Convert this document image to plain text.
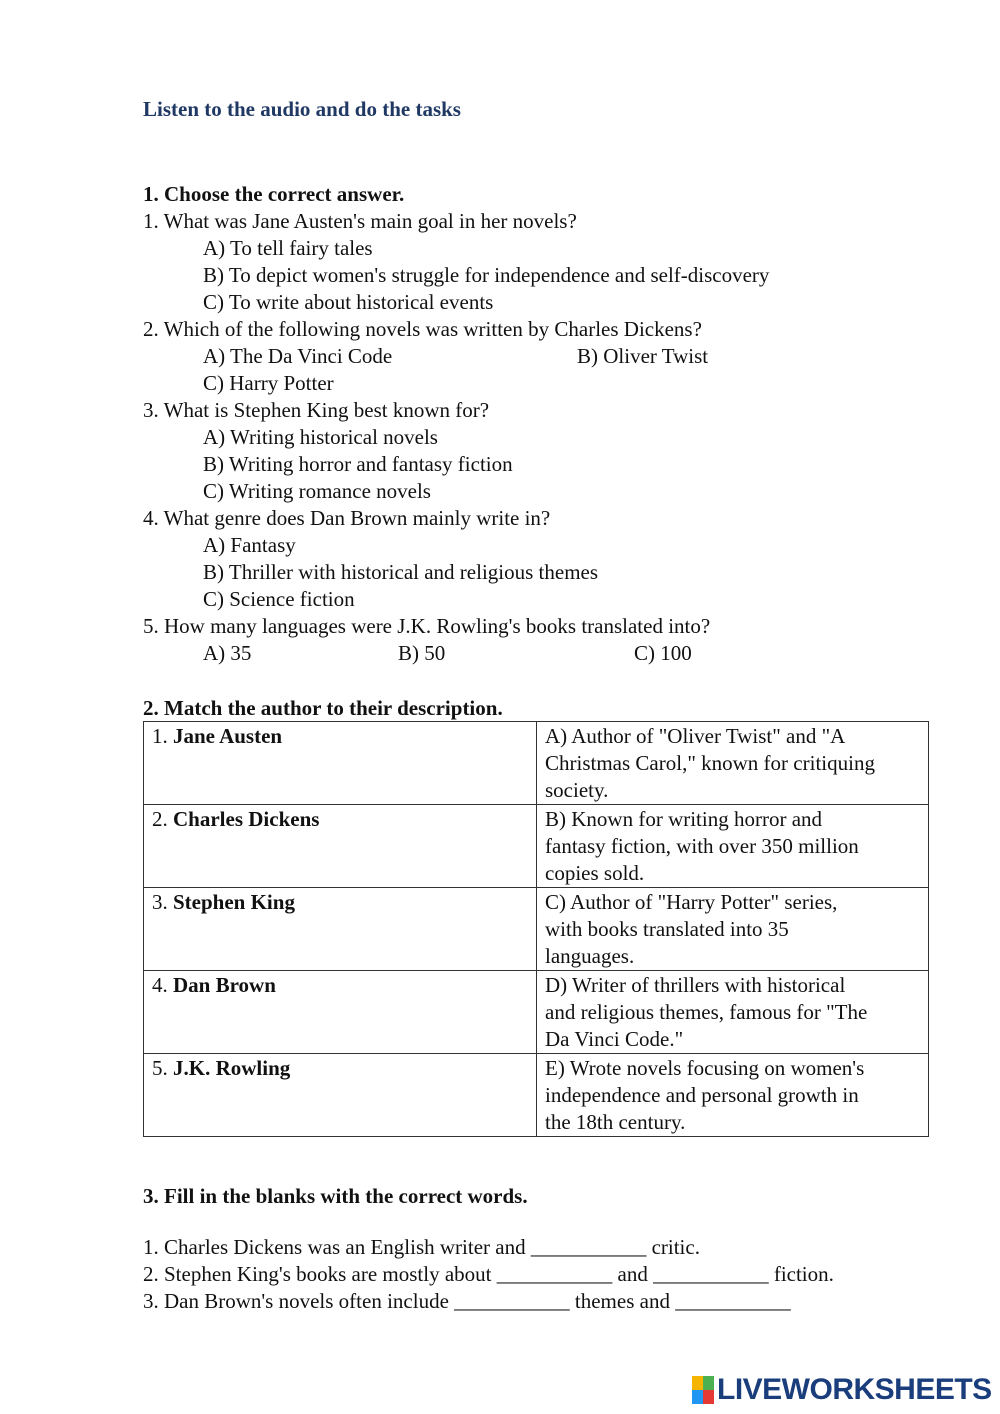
Listen to the audio and do the tasks
1. Choose the correct answer.
1. What was Jane Austen's main goal in her novels?
A) To tell fairy tales
B) To depict women's struggle for independence and self-discovery
C) To write about historical events
2. Which of the following novels was written by Charles Dickens?
A) The Da Vinci Code	B) Oliver Twist
C) Harry Potter
3. What is Stephen King best known for?
A) Writing historical novels
B) Writing horror and fantasy fiction
C) Writing romance novels
4. What genre does Dan Brown mainly write in?
A) Fantasy
B) Thriller with historical and religious themes
C) Science fiction
5. How many languages were J.K. Rowling's books translated into?
A) 35	B) 50	C) 100
2. Match the author to their description.
1. Jane Austen	A) Author of "Oliver Twist" and "A
Christmas Carol," known for critiquing
society.

2. Charles Dickens	B) Known for writing horror and
fantasy fiction, with over 350 million
copies sold.

3. Stephen King	C) Author of "Harry Potter" series,
with books translated into 35
languages.

4. Dan Brown	D) Writer of thrillers with historical
and religious themes, famous for "The
Da Vinci Code."

5. J.K. Rowling	E) Wrote novels focusing on women's
independence and personal growth in
the 18th century.
3. Fill in the blanks with the correct words.
1. Charles Dickens was an English writer and ___________ critic.
2. Stephen King's books are mostly about ___________ and ___________ fiction.
3. Dan Brown's novels often include ___________ themes and ___________
LIVEWORKSHEETS
